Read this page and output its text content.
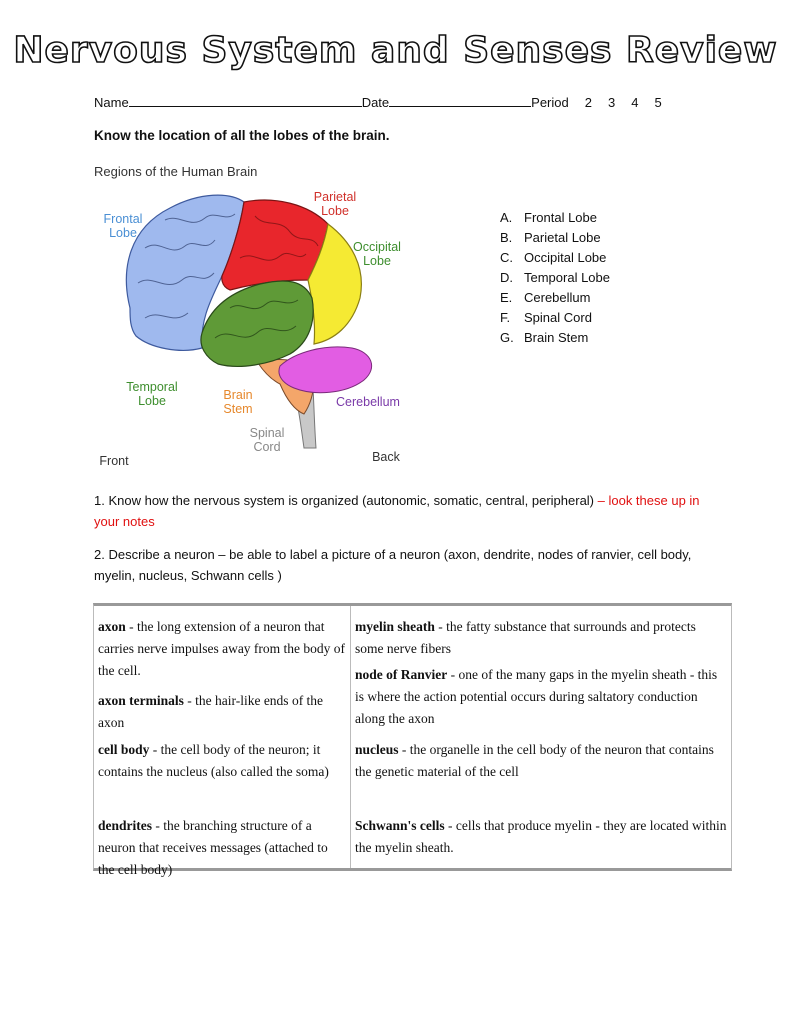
Nervous System and Senses Review
Name	Date	Period 2 3 4 5
Know the location of all the lobes of the brain.
Regions of the Human Brain
Frontal
Lobe
Parietal
Lobe
Occipital
Lobe
Temporal
Lobe	Brain
Stem	Cerebellum
Spinal
Cord
Front	Back
A. Frontal Lobe
B. Parietal Lobe
C. Occipital Lobe
D. Temporal Lobe
E. Cerebellum
F. Spinal Cord
G. Brain Stem
1. Know how the nervous system is organized (autonomic, somatic, central, peripheral) – look these up in your notes
2. Describe a neuron – be able to label a picture of a neuron (axon, dendrite, nodes of ranvier, cell body, myelin, nucleus, Schwann cells )
axon - the long extension of a neuron that carries nerve impulses away from the body of the cell.
axon terminals - the hair-like ends of the axon
cell body - the cell body of the neuron; it contains the nucleus (also called the soma)
dendrites - the branching structure of a neuron that receives messages (attached to the cell body)
myelin sheath - the fatty substance that surrounds and protects some nerve fibers
node of Ranvier - one of the many gaps in the myelin sheath - this is where the action potential occurs during saltatory conduction along the axon
nucleus - the organelle in the cell body of the neuron that contains the genetic material of the cell
Schwann's cells - cells that produce myelin - they are located within the myelin sheath.
